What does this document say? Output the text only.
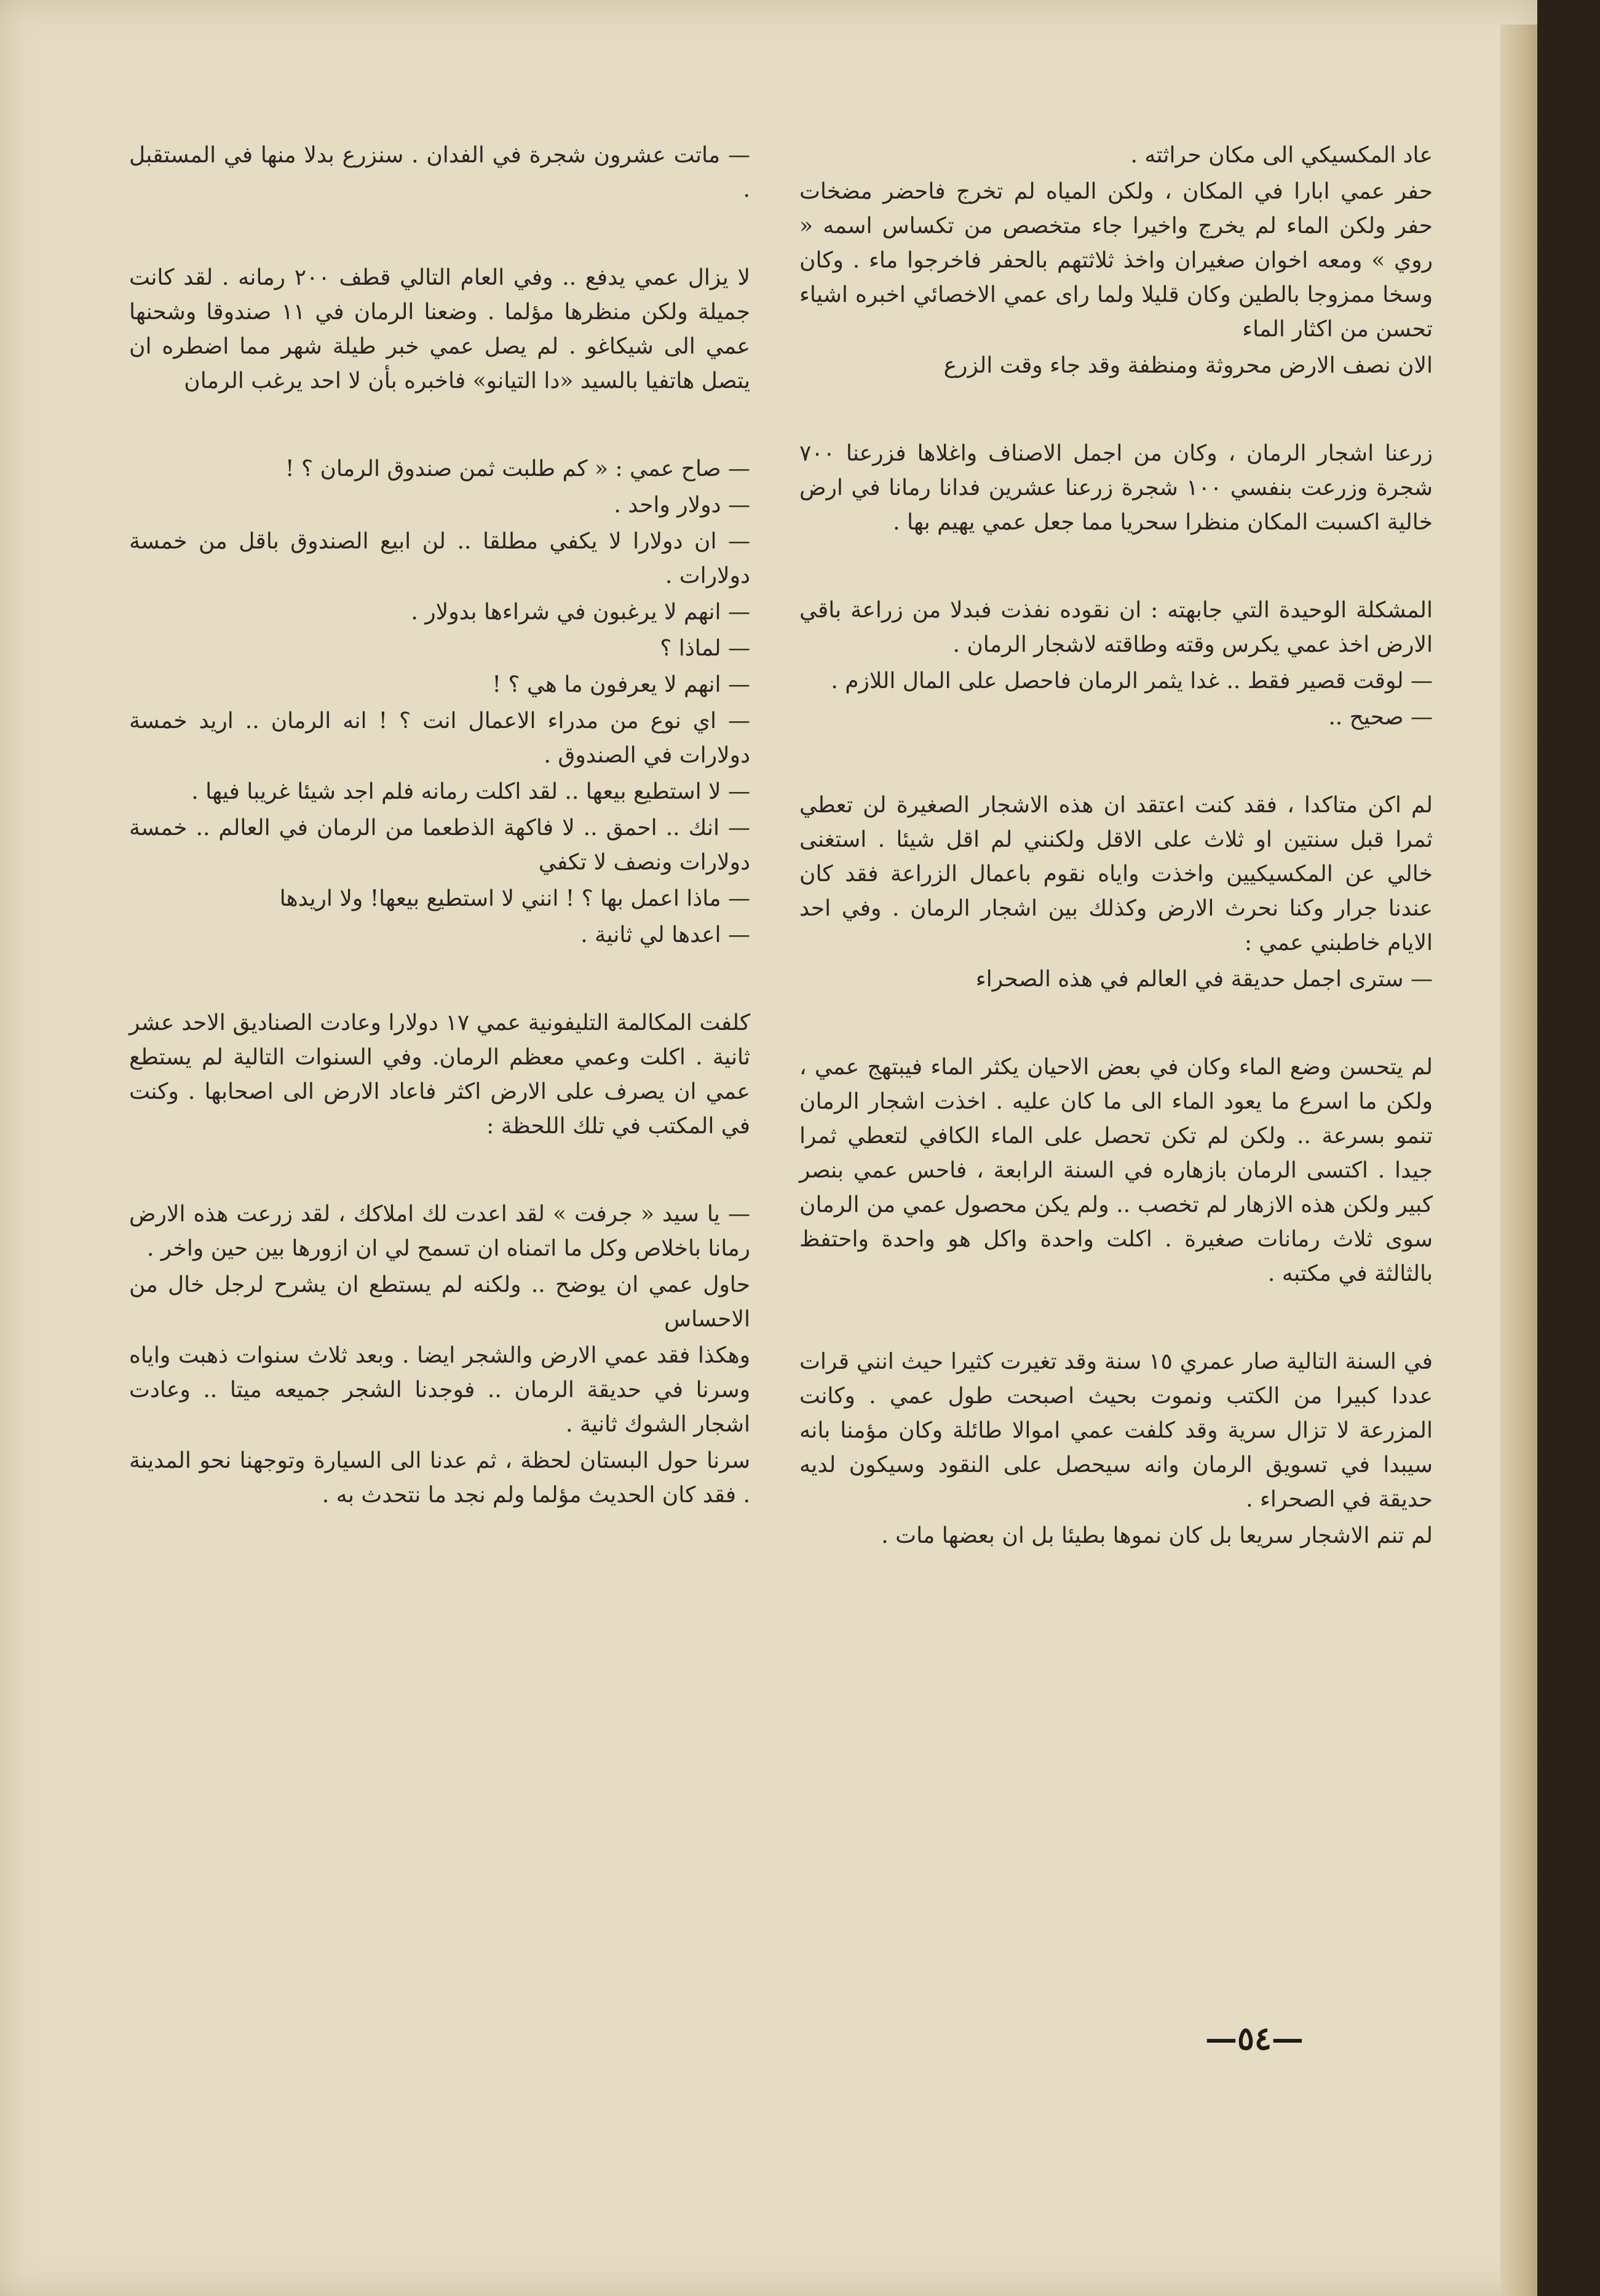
عاد المكسيكي الى مكان حراثته .

حفر عمي ابارا في المكان ، ولكن المياه لم تخرج فاحضر مضخات حفر ولكن الماء لم يخرج واخيرا جاء متخصص من تكساس اسمه « روي » ومعه اخوان صغيران واخذ ثلاثتهم بالحفر فاخرجوا ماء . وكان وسخا ممزوجا بالطين وكان قليلا ولما راى عمي الاخصائي اخبره اشياء تحسن من اكثار الماء

الان نصف الارض محروثة ومنظفة وقد جاء وقت الزرع

زرعنا اشجار الرمان ، وكان من اجمل الاصناف واغلاها فزرعنا ٧٠٠ شجرة وزرعت بنفسي ١٠٠ شجرة زرعنا عشرين فدانا رمانا في ارض خالية اكسبت المكان منظرا سحريا مما جعل عمي يهيم بها .

المشكلة الوحيدة التي جابهته : ان نقوده نفذت فبدلا من زراعة باقي الارض اخذ عمي يكرس وقته وطاقته لاشجار الرمان .

— لوقت قصير فقط .. غدا يثمر الرمان فاحصل على المال اللازم .

— صحيح ..

لم اكن متاكدا ، فقد كنت اعتقد ان هذه الاشجار الصغيرة لن تعطي ثمرا قبل سنتين او ثلاث على الاقل ولكنني لم اقل شيئا . استغنى خالي عن المكسيكيين واخذت واياه نقوم باعمال الزراعة فقد كان عندنا جرار وكنا نحرث الارض وكذلك بين اشجار الرمان . وفي احد الايام خاطبني عمي :

— سترى اجمل حديقة في العالم في هذه الصحراء

لم يتحسن وضع الماء وكان في بعض الاحيان يكثر الماء فيبتهج عمي ، ولكن ما اسرع ما يعود الماء الى ما كان عليه . اخذت اشجار الرمان تنمو بسرعة .. ولكن لم تكن تحصل على الماء الكافي لتعطي ثمرا جيدا . اكتسى الرمان بازهاره في السنة الرابعة ، فاحس عمي بنصر كبير ولكن هذه الازهار لم تخصب .. ولم يكن محصول عمي من الرمان سوى ثلاث رمانات صغيرة . اكلت واحدة واكل هو واحدة واحتفظ بالثالثة في مكتبه .

في السنة التالية صار عمري ١٥ سنة وقد تغيرت كثيرا حيث انني قرات عددا كبيرا من الكتب ونموت بحيث اصبحت طول عمي . وكانت المزرعة لا تزال سرية وقد كلفت عمي اموالا طائلة وكان مؤمنا بانه سيبدا في تسويق الرمان وانه سيحصل على النقود وسيكون لديه حديقة في الصحراء .

لم تنم الاشجار سريعا بل كان نموها بطيئا بل ان بعضها مات .

— ماتت عشرون شجرة في الفدان . سنزرع بدلا منها في المستقبل .

لا يزال عمي يدفع .. وفي العام التالي قطف ٢٠٠ رمانه . لقد كانت جميلة ولكن منظرها مؤلما . وضعنا الرمان في ١١ صندوقا وشحنها عمي الى شيكاغو . لم يصل عمي خبر طيلة شهر مما اضطره ان يتصل هاتفيا بالسيد «دا التيانو» فاخبره بأن لا احد يرغب الرمان

— صاح عمي : « كم طلبت ثمن صندوق الرمان ؟ !

— دولار واحد .

— ان دولارا لا يكفي مطلقا .. لن ابيع الصندوق باقل من خمسة دولارات .

— انهم لا يرغبون في شراءها بدولار .

— لماذا ؟

— انهم لا يعرفون ما هي ؟ !

— اي نوع من مدراء الاعمال انت ؟ ! انه الرمان .. اريد خمسة دولارات في الصندوق .

— لا استطيع بيعها .. لقد اكلت رمانه فلم اجد شيئا غريبا فيها .

— انك .. احمق .. لا فاكهة الذطعما من الرمان في العالم .. خمسة دولارات ونصف لا تكفي

— ماذا اعمل بها ؟ ! انني لا استطيع بيعها! ولا اريدها

— اعدها لي ثانية .

كلفت المكالمة التليفونية عمي ١٧ دولارا وعادت الصناديق الاحد عشر ثانية . اكلت وعمي معظم الرمان. وفي السنوات التالية لم يستطع عمي ان يصرف على الارض اكثر فاعاد الارض الى اصحابها . وكنت في المكتب في تلك اللحظة :

— يا سيد « جرفت » لقد اعدت لك املاكك ، لقد زرعت هذه الارض رمانا باخلاص وكل ما اتمناه ان تسمح لي ان ازورها بين حين واخر .

حاول عمي ان يوضح .. ولكنه لم يستطع ان يشرح لرجل خال من الاحساس

وهكذا فقد عمي الارض والشجر ايضا . وبعد ثلاث سنوات ذهبت واياه وسرنا في حديقة الرمان .. فوجدنا الشجر جميعه ميتا .. وعادت اشجار الشوك ثانية .

سرنا حول البستان لحظة ، ثم عدنا الى السيارة وتوجهنا نحو المدينة . فقد كان الحديث مؤلما ولم نجد ما نتحدث به .

—٥٤—
